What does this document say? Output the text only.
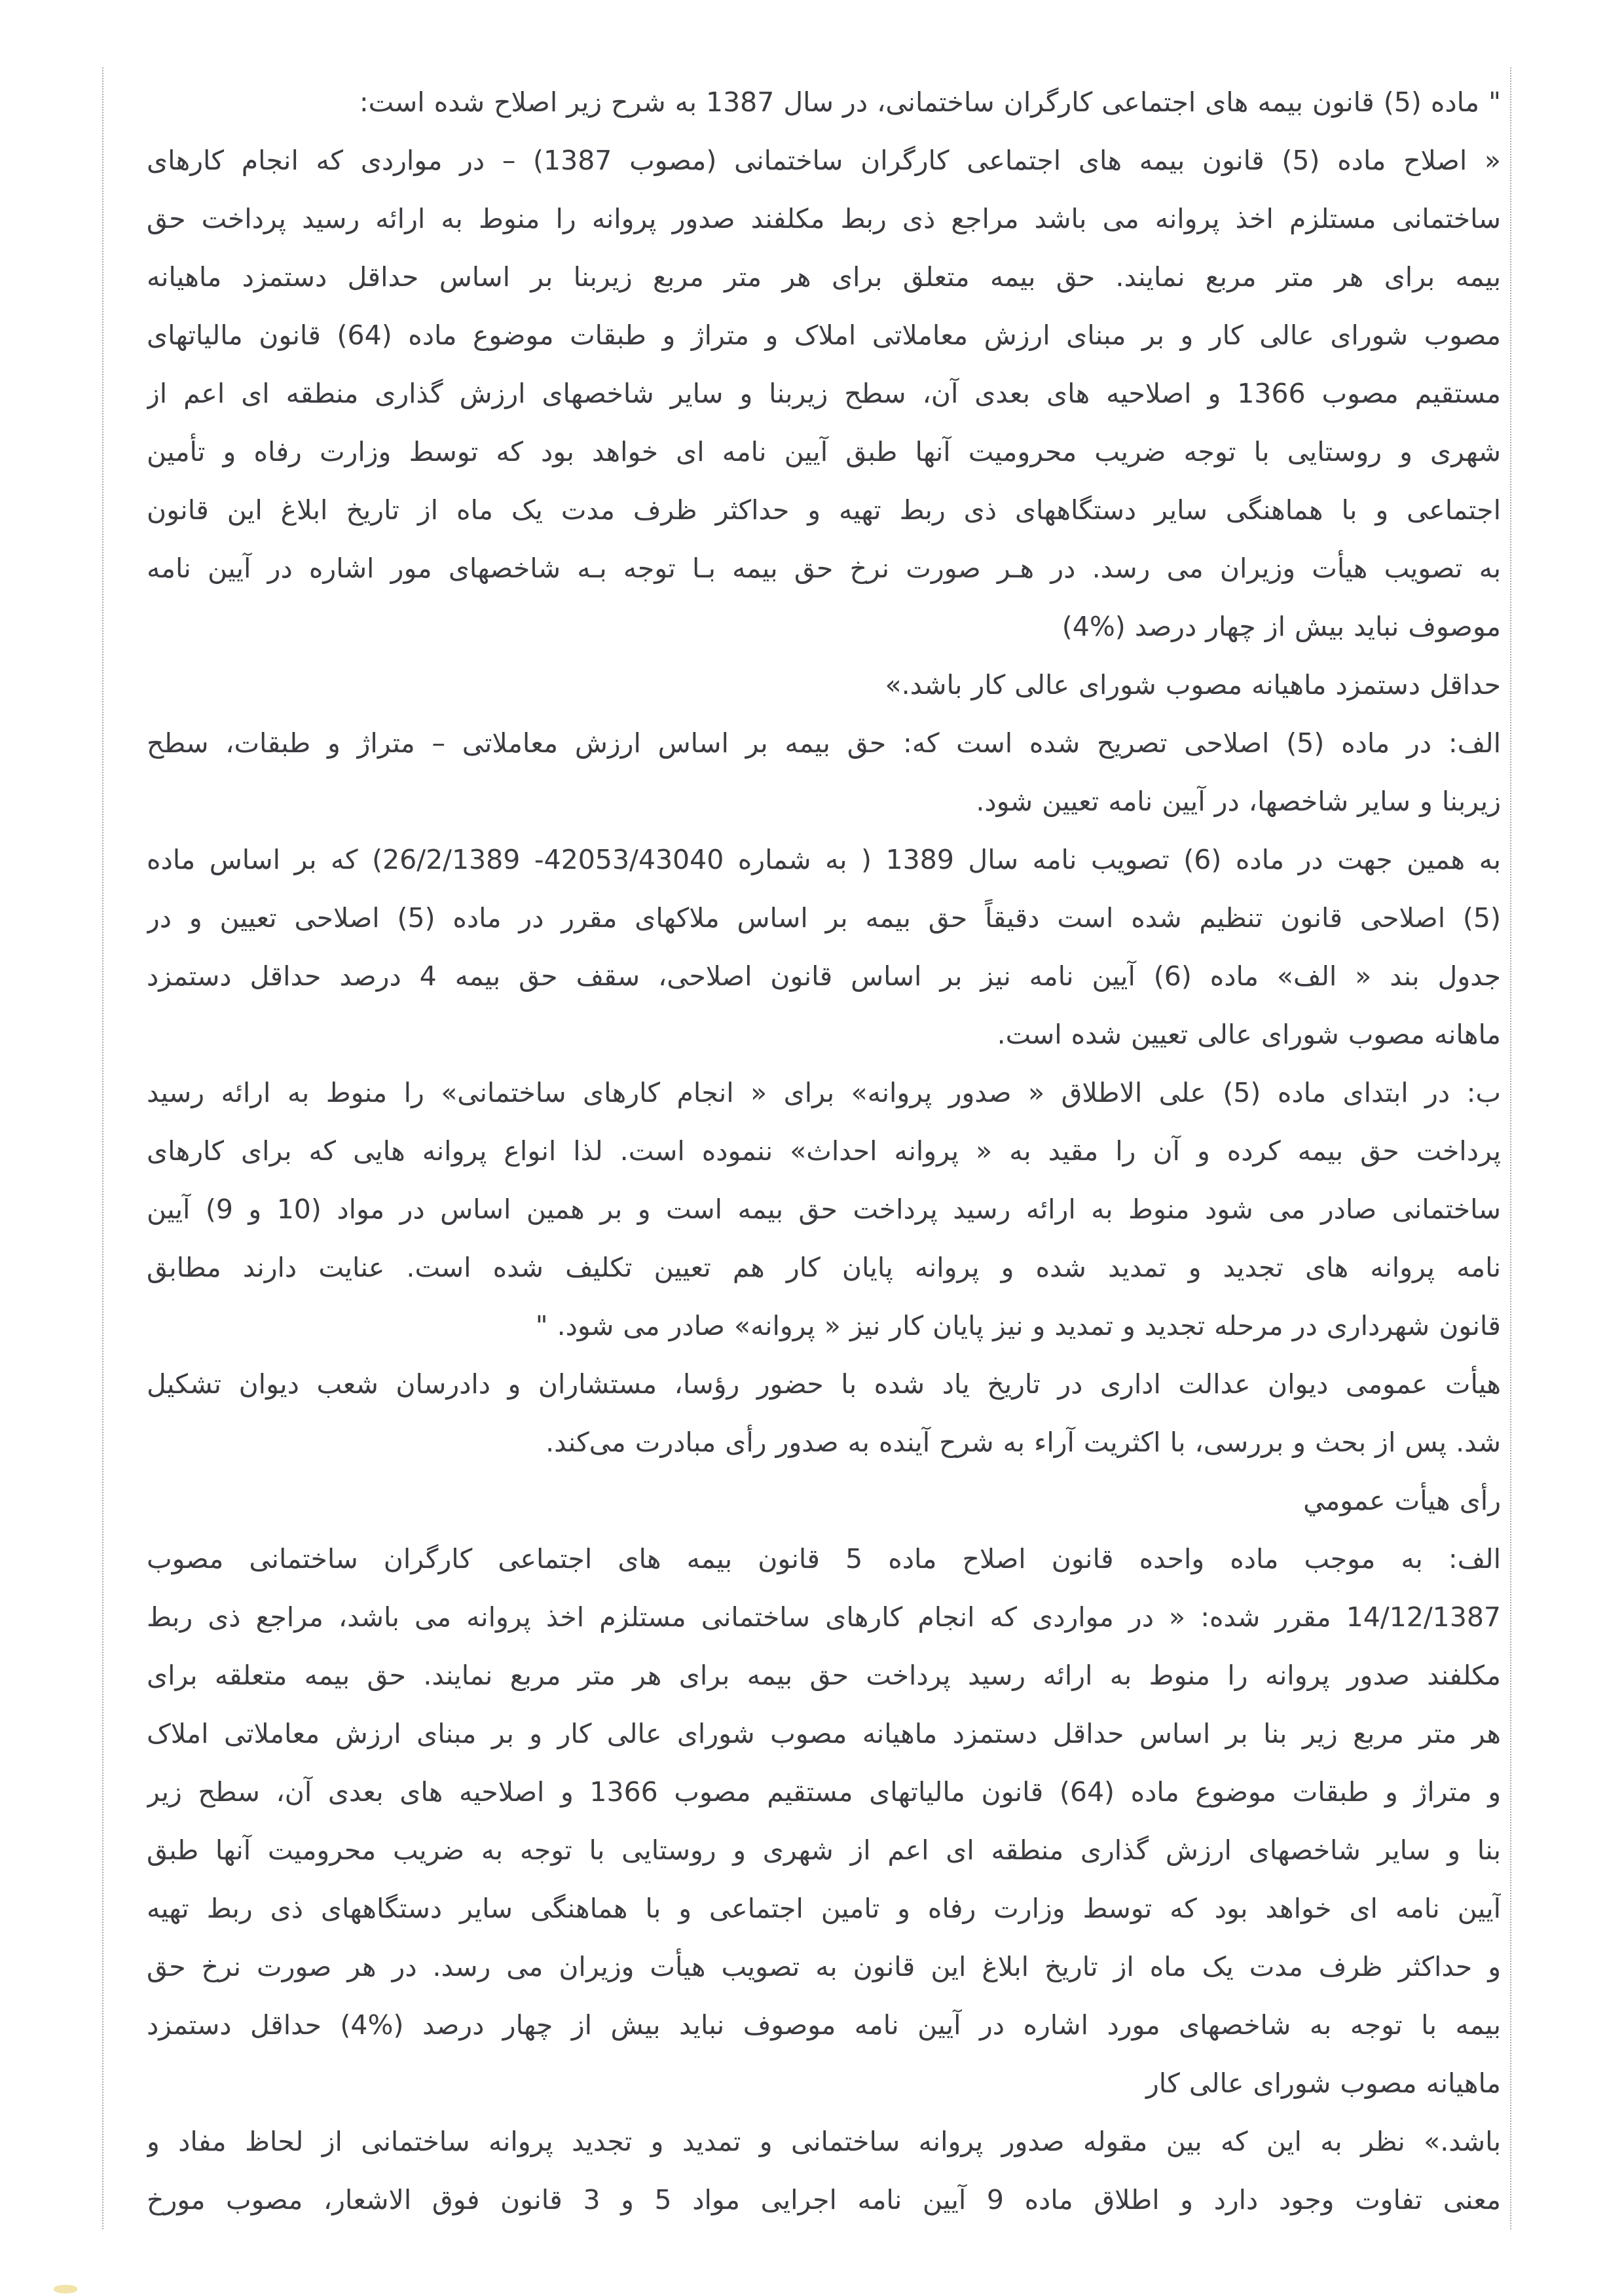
" ماده (5) قانون بیمه های اجتماعی کارگران ساختمانی، در سال 1387 به شرح زیر اصلاح شده است:
« اصلاح ماده (5) قانون بیمه های اجتماعی کارگران ساختمانی (مصوب 1387) – در مواردی که انجام کارهای
ساختمانی مستلزم اخذ پروانه می باشد مراجع ذی ربط مکلفند صدور پروانه را منوط به ارائه رسید پرداخت حق
بیمه برای هر متر مربع نمایند. حق بیمه متعلق برای هر متر مربع زیربنا بر اساس حداقل دستمزد ماهیانه
مصوب شورای عالی کار و بر مبنای ارزش معاملاتی املاک و متراژ و طبقات موضوع ماده (64) قانون مالیاتهای
مستقیم مصوب 1366 و اصلاحیه های بعدی آن، سطح زیربنا و سایر شاخصهای ارزش گذاری منطقه ای اعم از
شهری و روستایی با توجه ضریب محرومیت آنها طبق آیین نامه ای خواهد بود که توسط وزارت رفاه و تأمین
اجتماعی و با هماهنگی سایر دستگاههای ذی ربط تهیه و حداکثر ظرف مدت یک ماه از تاریخ ابلاغ این قانون
به تصویب هیأت وزیران می رسد. در هـر صورت نرخ حق بیمه بـا توجه بـه شاخصهای مور اشاره در آیین نامه
موصوف نباید بیش از چهار درصد (%4)
حداقل دستمزد ماهیانه مصوب شورای عالی کار باشد.»
الف: در ماده (5) اصلاحی تصریح شده است که: حق بیمه بر اساس ارزش معاملاتی – متراژ و طبقات، سطح
زیربنا و سایر شاخصها، در آیین نامه تعیین شود.
به همین جهت در ماده (6) تصویب نامه سال 1389 ( به شماره 42053/43040- 26/2/1389) که بر اساس ماده
(5) اصلاحی قانون تنظیم شده است دقیقاً حق بیمه بر اساس ملاکهای مقرر در ماده (5) اصلاحی تعیین و در
جدول بند « الف» ماده (6) آیین نامه نیز بر اساس قانون اصلاحی، سقف حق بیمه 4 درصد حداقل دستمزد
ماهانه مصوب شورای عالی تعیین شده است.
ب: در ابتدای ماده (5) علی الاطلاق « صدور پروانه» برای « انجام کارهای ساختمانی» را منوط به ارائه رسید
پرداخت حق بیمه کرده و آن را مقید به « پروانه احداث» ننموده است. لذا انواع پروانه هایی که برای کارهای
ساختمانی صادر می شود منوط به ارائه رسید پرداخت حق بیمه است و بر همین اساس در مواد (10 و 9) آیین
نامه پروانه های تجدید و تمدید شده و پروانه پایان کار هم تعیین تکلیف شده است. عنایت دارند مطابق
قانون شهرداری در مرحله تجدید و تمدید و نیز پایان کار نیز « پروانه» صادر می شود. "
هیأت عمومی دیوان عدالت اداری در تاریخ یاد شده با حضور رؤسا، مستشاران و دادرسان شعب دیوان تشکیل
شد. پس از بحث و بررسی، با اکثریت آراء به شرح آینده به صدور رأی مبادرت می‌کند.
رأی هیأت عمومي
الف: به موجب ماده واحده قانون اصلاح ماده 5 قانون بیمه های اجتماعی کارگران ساختمانی مصوب
14/12/1387 مقرر شده: « در مواردی که انجام کارهای ساختمانی مستلزم اخذ پروانه می باشد، مراجع ذی ربط
مکلفند صدور پروانه را منوط به ارائه رسید پرداخت حق بیمه برای هر متر مربع نمایند. حق بیمه متعلقه برای
هر متر مربع زیر بنا بر اساس حداقل دستمزد ماهیانه مصوب شورای عالی کار و بر مبنای ارزش معاملاتی املاک
و متراژ و طبقات موضوع ماده (64) قانون مالیاتهای مستقیم مصوب 1366 و اصلاحیه های بعدی آن، سطح زیر
بنا و سایر شاخصهای ارزش گذاری منطقه ای اعم از شهری و روستایی با توجه به ضریب محرومیت آنها طبق
آیین نامه ای خواهد بود که توسط وزارت رفاه و تامین اجتماعی و با هماهنگی سایر دستگاههای ذی ربط تهیه
و حداکثر ظرف مدت یک ماه از تاریخ ابلاغ این قانون به تصویب هیأت وزیران می رسد. در هر صورت نرخ حق
بیمه با توجه به شاخصهای مورد اشاره در آیین نامه موصوف نباید بیش از چهار درصد (%4) حداقل دستمزد
ماهیانه مصوب شورای عالی کار
باشد.» نظر به این که بین مقوله صدور پروانه ساختمانی و تمدید و تجدید پروانه ساختمانی از لحاظ مفاد و
معنی تفاوت وجود دارد و اطلاق ماده 9 آیین نامه اجرایی مواد 5 و 3 قانون فوق الاشعار، مصوب مورخ
